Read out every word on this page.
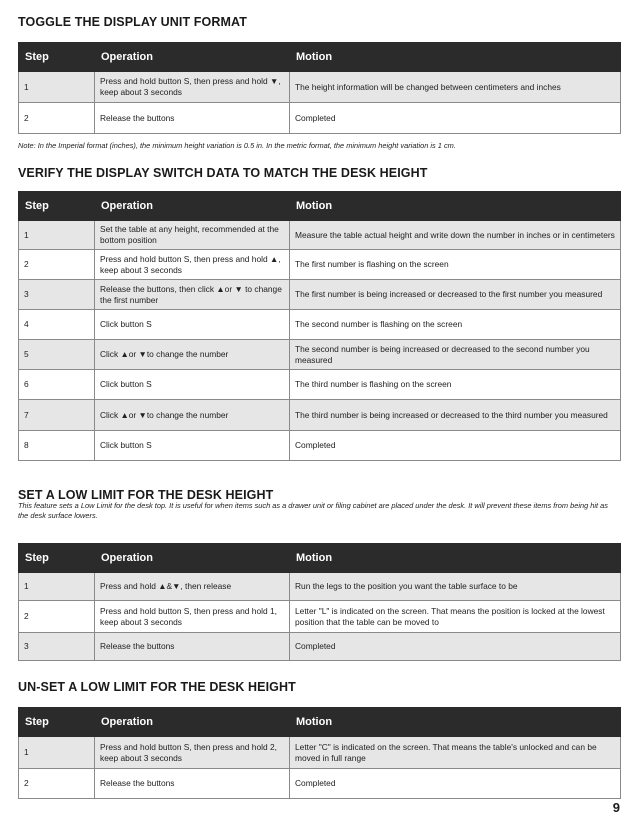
TOGGLE THE DISPLAY UNIT FORMAT
Step	Operation	Motion
1	Press and hold button S, then press and hold ▼, keep about 3 seconds	The height information will be changed between centimeters and inches
2	Release the buttons	Completed

Note: In the Imperial format (inches), the minimum height variation is 0.5 in. In the metric format, the minimum height variation is 1 cm.

VERIFY THE DISPLAY SWITCH DATA TO MATCH THE DESK HEIGHT
Step	Operation	Motion
1	Set the table at any height, recommended at the bottom position	Measure the table actual height and write down the number in inches or in centimeters
2	Press and hold button S, then press and hold ▲, keep about 3 seconds	The first number is flashing on the screen
3	Release the buttons, then click ▲or ▼ to change the first number	The first number is being increased or decreased to the first number you measured
4	Click button S	The second number is flashing on the screen
5	Click ▲or ▼to change the number	The second number is being increased or decreased to the second number you measured
6	Click button S	The third number is flashing on the screen
7	Click ▲or ▼to change the number	The third number is being increased or decreased to the third number you measured
8	Click button S	Completed
SET A LOW LIMIT FOR THE DESK HEIGHT

This feature sets a Low Limit for the desk top. It is useful for when items such as a drawer unit or filing cabinet are placed under the desk. It will prevent these items from being hit as the desk surface lowers.

Step	Operation	Motion
1	Press and hold ▲&▼, then release	Run the legs to the position you want the table surface to be
2	Press and hold button S, then press and hold 1, keep about 3 seconds	Letter "L" is indicated on the screen. That means the position is locked at the lowest position that the table can be moved to
3	Release the buttons	Completed
UN-SET A LOW LIMIT FOR THE DESK HEIGHT
Step	Operation	Motion
1	Press and hold button S, then press and hold 2, keep about 3 seconds	Letter "C" is indicated on the screen. That means the table's unlocked and can be moved in full range
2	Release the buttons	Completed
9
